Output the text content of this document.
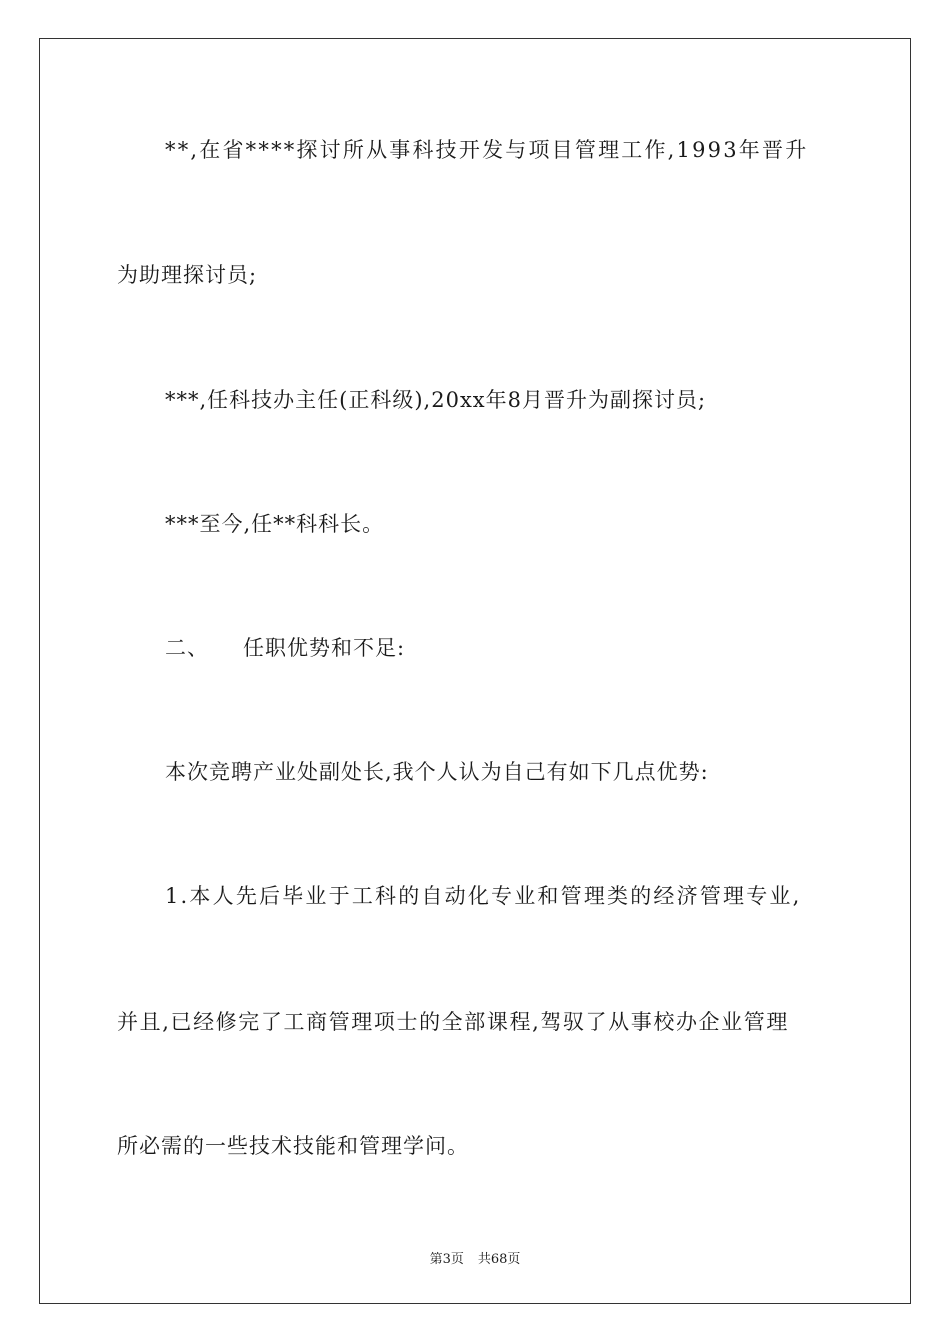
**,在省****探讨所从事科技开发与项目管理工作,1993年晋升
为助理探讨员;
***,任科技办主任(正科级),20xx年8月晋升为副探讨员;
***至今,任**科科长。
二、 任职优势和不足:
本次竞聘产业处副处长,我个人认为自己有如下几点优势:
1.本人先后毕业于工科的自动化专业和管理类的经济管理专业,
并且,已经修完了工商管理项士的全部课程,驾驭了从事校办企业管理
所必需的一些技术技能和管理学问。
第3页 共68页
